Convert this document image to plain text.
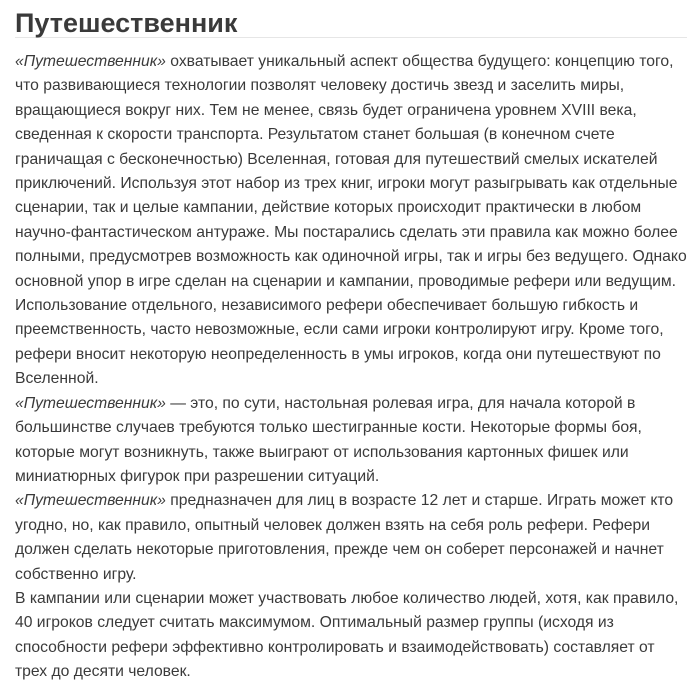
Путешественник

«Путешественник» охватывает уникальный аспект общества будущего: концепцию того, что развивающиеся технологии позволят человеку достичь звезд и заселить миры, вращающиеся вокруг них. Тем не менее, связь будет ограничена уровнем XVIII века, сведенная к скорости транспорта. Результатом станет большая (в конечном счете граничащая с бесконечностью) Вселенная, готовая для путешествий смелых искателей приключений. Используя этот набор из трех книг, игроки могут разыгрывать как отдельные сценарии, так и целые кампании, действие которых происходит практически в любом научно-фантастическом антураже. Мы постарались сделать эти правила как можно более полными, предусмотрев возможность как одиночной игры, так и игры без ведущего. Однако основной упор в игре сделан на сценарии и кампании, проводимые рефери или ведущим. Использование отдельного, независимого рефери обеспечивает большую гибкость и преемственность, часто невозможные, если сами игроки контролируют игру. Кроме того, рефери вносит некоторую неопределенность в умы игроков, когда они путешествуют по Вселенной.

«Путешественник» — это, по сути, настольная ролевая игра, для начала которой в большинстве случаев требуются только шестигранные кости. Некоторые формы боя, которые могут возникнуть, также выиграют от использования картонных фишек или миниатюрных фигурок при разрешении ситуаций.

«Путешественник» предназначен для лиц в возрасте 12 лет и старше. Играть может кто угодно, но, как правило, опытный человек должен взять на себя роль рефери. Рефери должен сделать некоторые приготовления, прежде чем он соберет персонажей и начнет собственно игру.

В кампании или сценарии может участвовать любое количество людей, хотя, как правило, 40 игроков следует считать максимумом. Оптимальный размер группы (исходя из способности рефери эффективно контролировать и взаимодействовать) составляет от трех до десяти человек.
